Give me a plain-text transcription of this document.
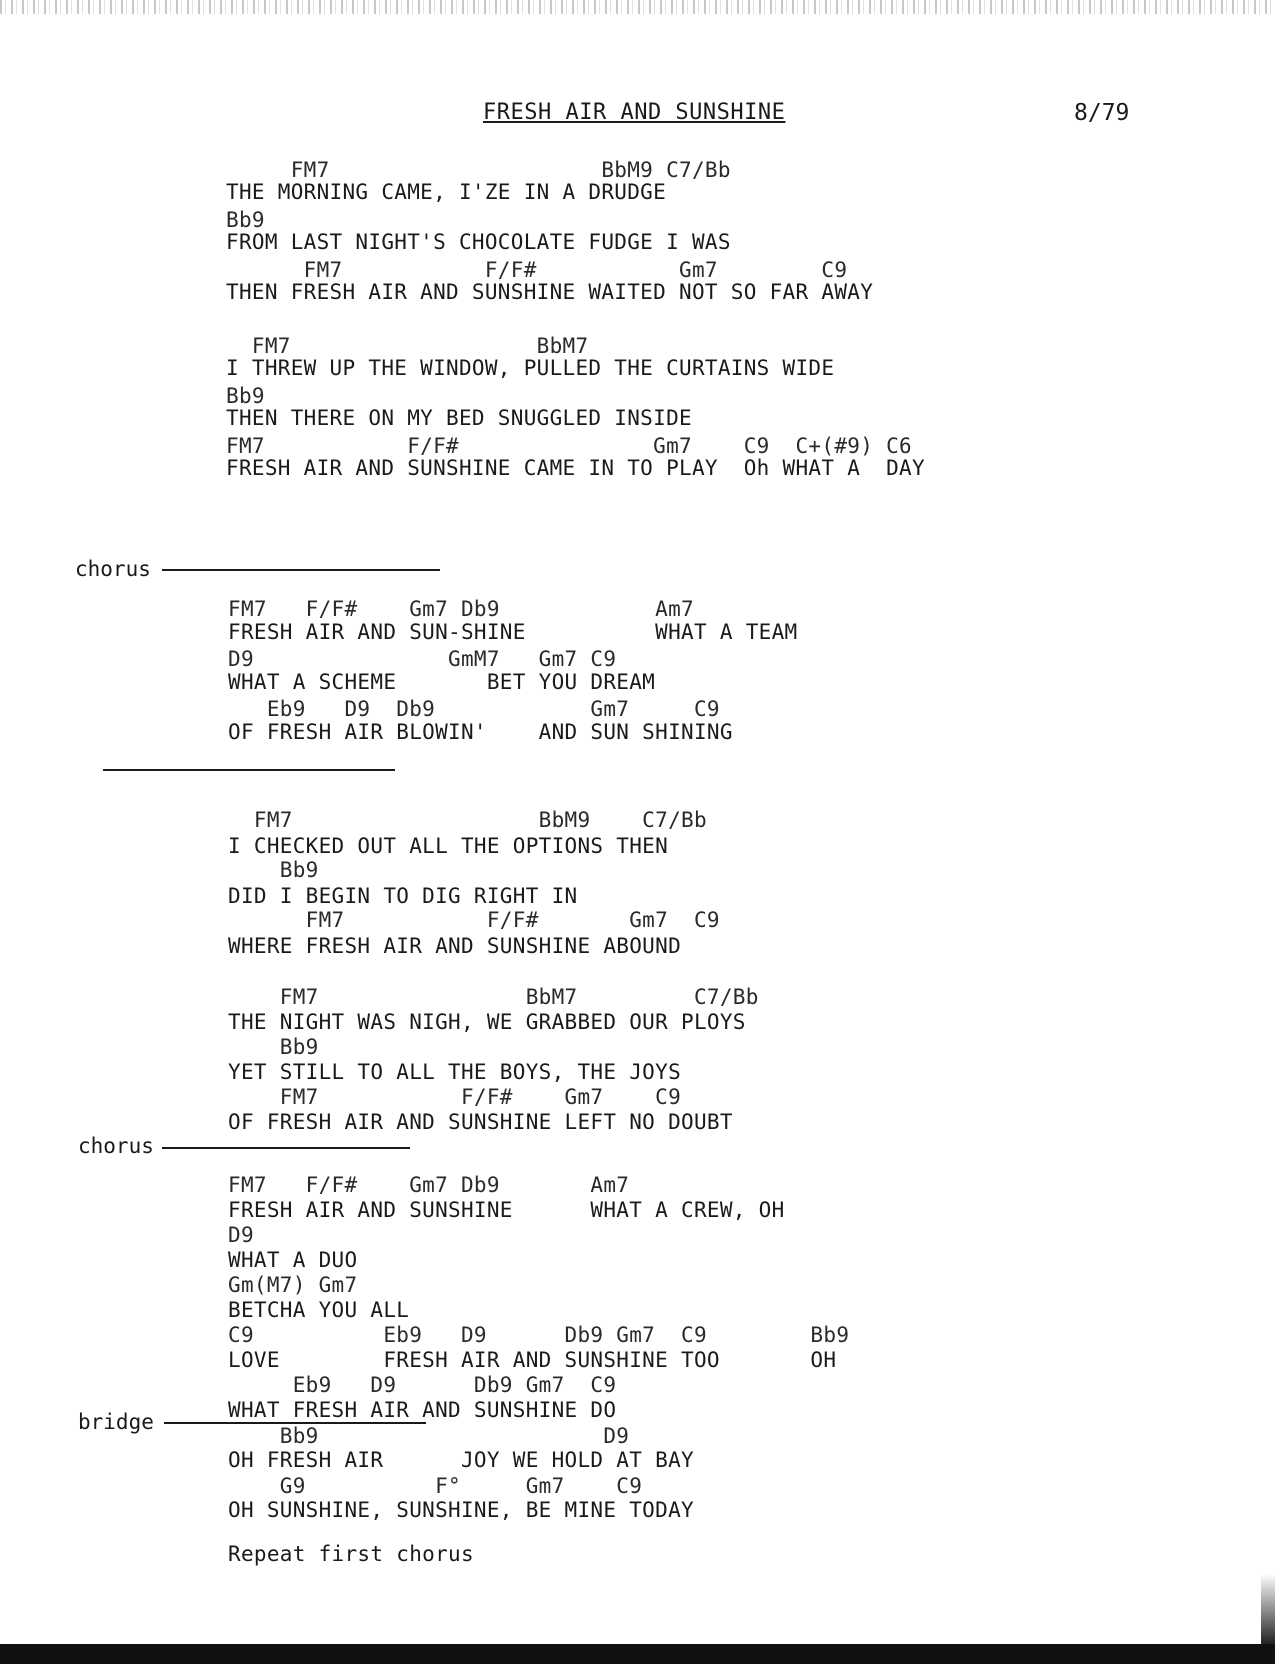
FRESH AIR AND SUNSHINE	8/79
FM7                     BbM9 C7/Bb
THE MORNING CAME, I'ZE IN A DRUDGE
Bb9
FROM LAST NIGHT'S CHOCOLATE FUDGE I WAS
FM7           F/F#           Gm7        C9
THEN FRESH AIR AND SUNSHINE WAITED NOT SO FAR AWAY
FM7                   BbM7
I THREW UP THE WINDOW, PULLED THE CURTAINS WIDE
Bb9
THEN THERE ON MY BED SNUGGLED INSIDE
FM7           F/F#               Gm7    C9  C+(#9) C6
FRESH AIR AND SUNSHINE CAME IN TO PLAY  Oh WHAT A  DAY
chorus
FM7   F/F#    Gm7 Db9            Am7
FRESH AIR AND SUN-SHINE          WHAT A TEAM
D9               GmM7   Gm7 C9
WHAT A SCHEME       BET YOU DREAM
Eb9   D9  Db9            Gm7     C9
OF FRESH AIR BLOWIN'    AND SUN SHINING
FM7                   BbM9    C7/Bb
I CHECKED OUT ALL THE OPTIONS THEN
Bb9
DID I BEGIN TO DIG RIGHT IN
FM7           F/F#       Gm7  C9
WHERE FRESH AIR AND SUNSHINE ABOUND
FM7                BbM7         C7/Bb
THE NIGHT WAS NIGH, WE GRABBED OUR PLOYS
Bb9
YET STILL TO ALL THE BOYS, THE JOYS
FM7           F/F#    Gm7    C9
OF FRESH AIR AND SUNSHINE LEFT NO DOUBT
chorus
FM7   F/F#    Gm7 Db9       Am7
FRESH AIR AND SUNSHINE      WHAT A CREW, OH
D9
WHAT A DUO
Gm(M7) Gm7
BETCHA YOU ALL
C9          Eb9   D9      Db9 Gm7  C9        Bb9
LOVE        FRESH AIR AND SUNSHINE TOO       OH
Eb9   D9      Db9 Gm7  C9
WHAT FRESH AIR AND SUNSHINE DO
bridge
Bb9                      D9
OH FRESH AIR      JOY WE HOLD AT BAY
G9          F°     Gm7    C9
OH SUNSHINE, SUNSHINE, BE MINE TODAY
Repeat first chorus
